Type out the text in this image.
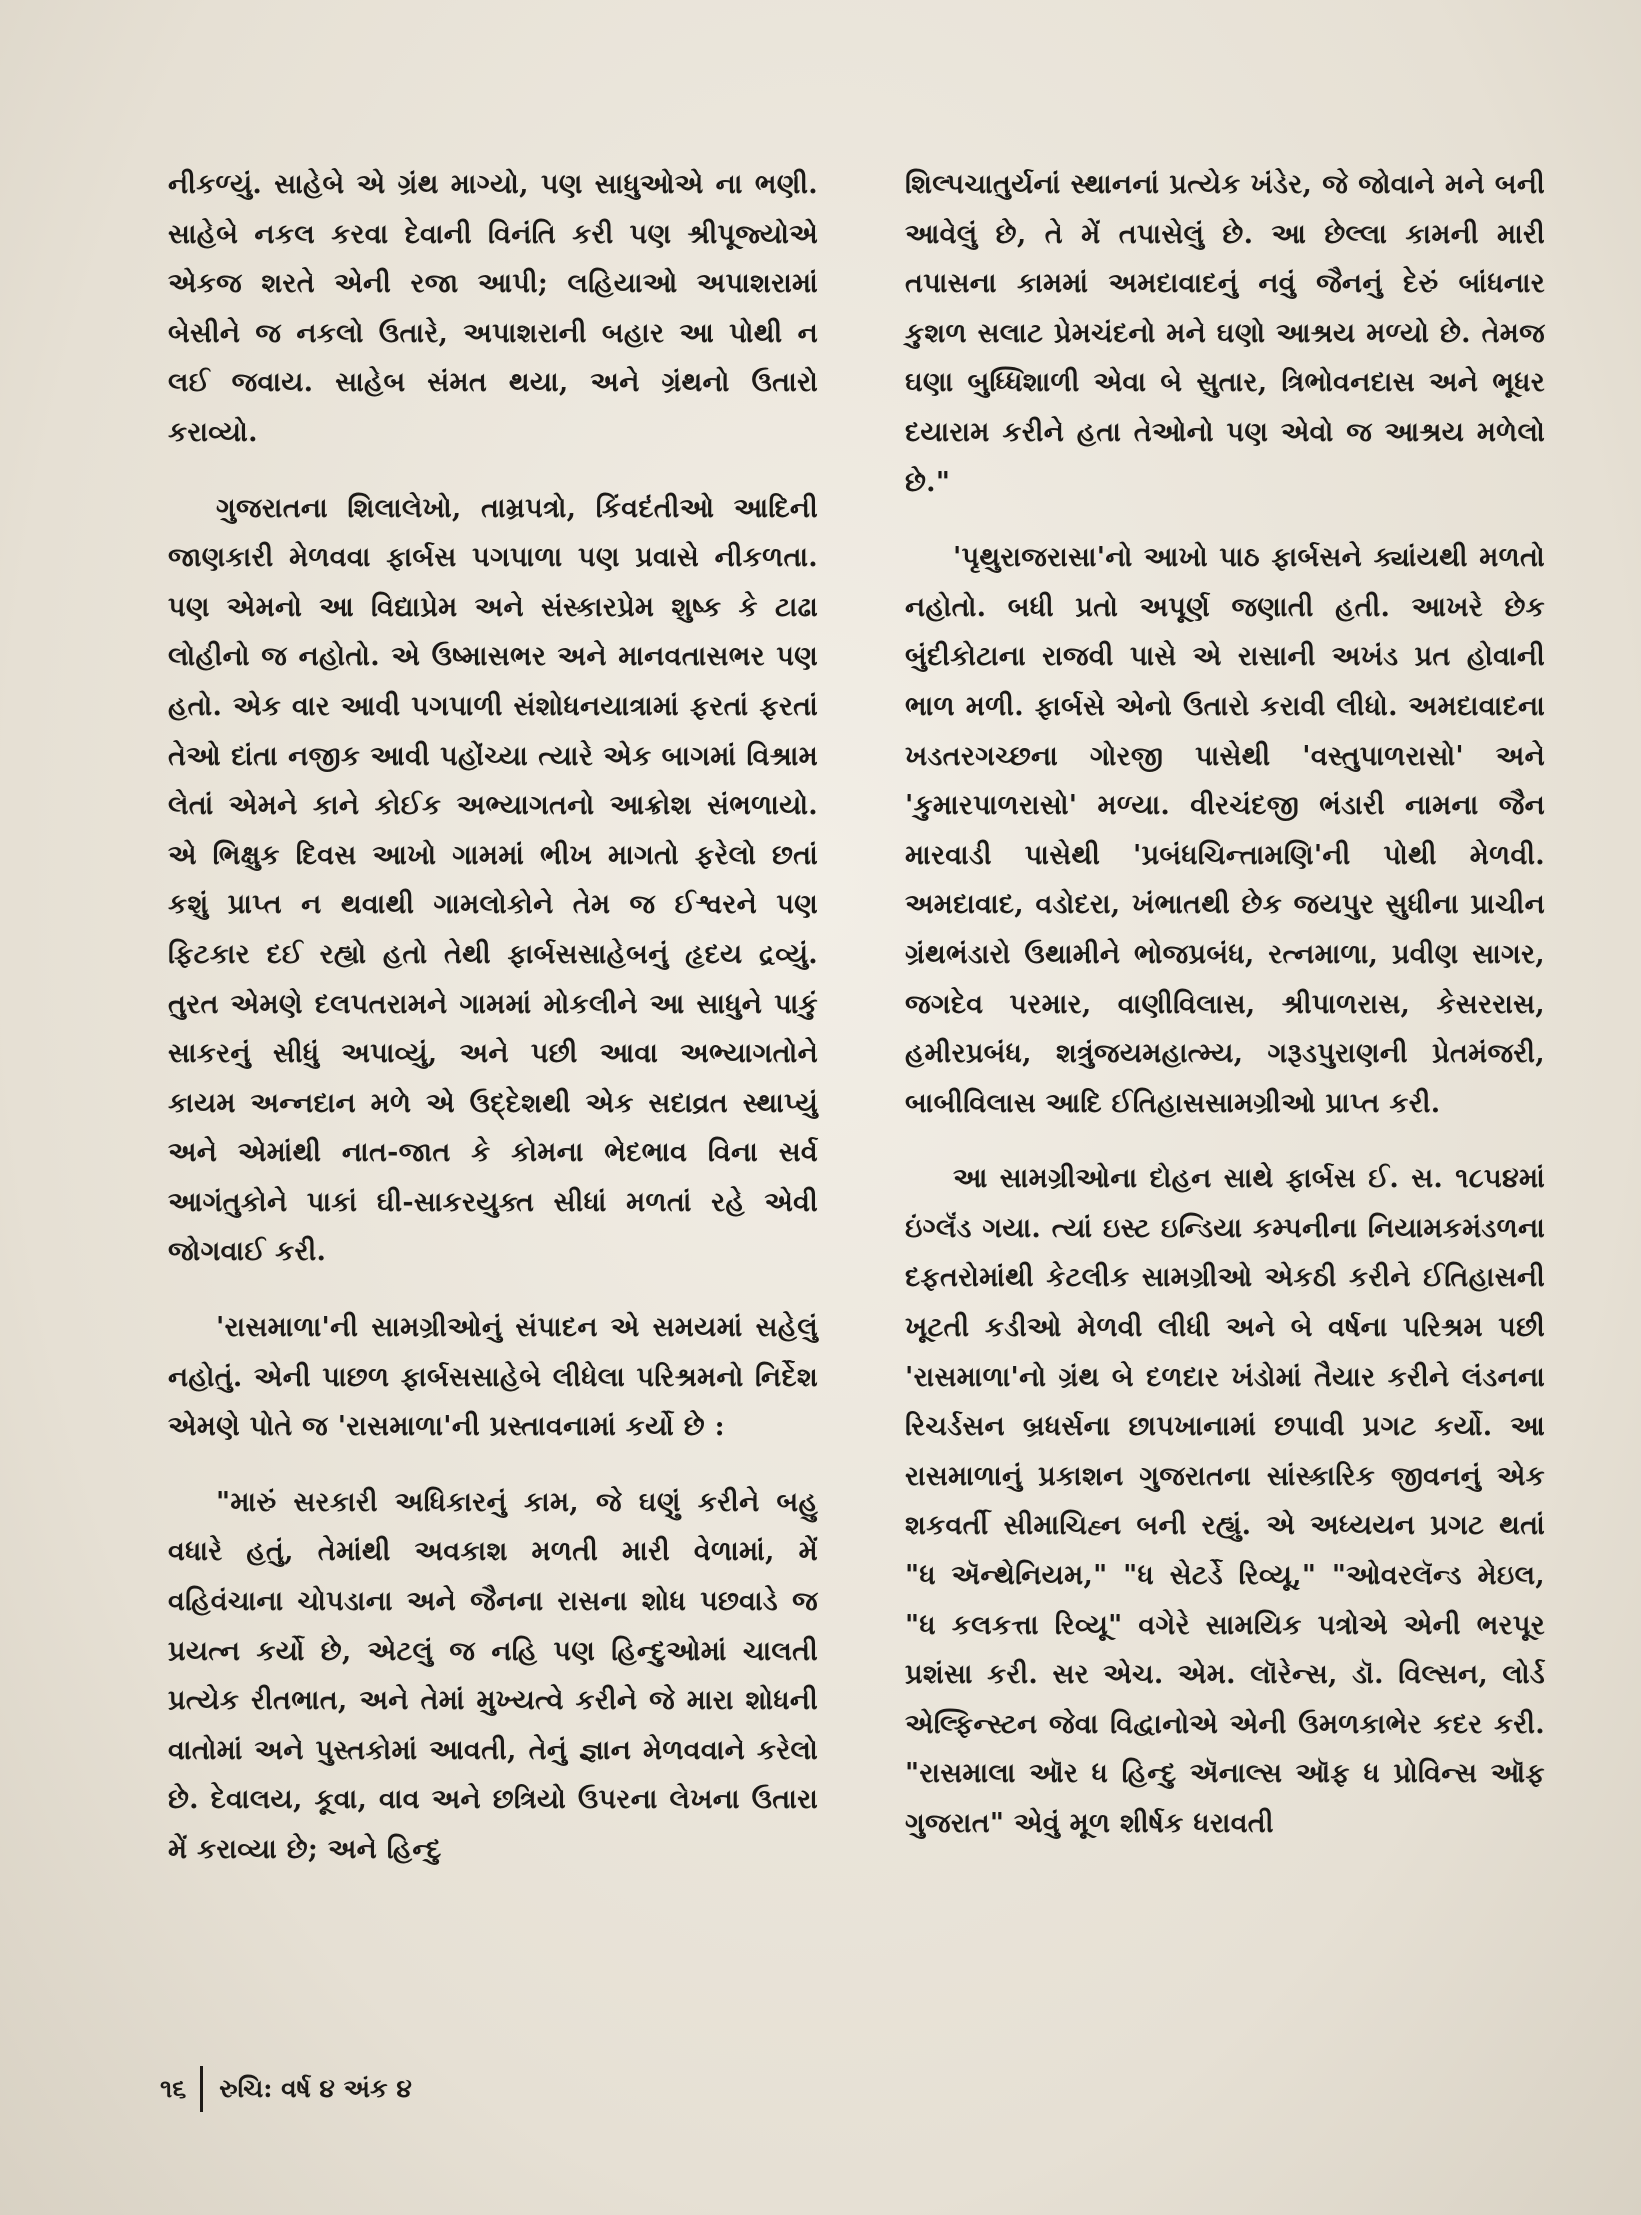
નીકળ્યું. સાહેબે એ ગ્રંથ માગ્યો, પણ સાધુઓએ ના ભણી. સાહેબે નકલ કરવા દેવાની વિનંતિ કરી પણ શ્રીપૂજ્યોએ એકજ શરતે એની રજા આપી; લહિયાઓ અપાશરામાં બેસીને જ નકલો ઉતારે, અપાશરાની બહાર આ પોથી ન લઈ જવાય. સાહેબ સંમત થયા, અને ગ્રંથનો ઉતારો કરાવ્યો.

ગુજરાતના શિલાલેખો, તામ્રપત્રો, કિંવદંતીઓ આદિની જાણકારી મેળવવા ફાર્બસ પગપાળા પણ પ્રવાસે નીકળતા. પણ એમનો આ વિદ્યાપ્રેમ અને સંસ્કારપ્રેમ શુષ્ક કે ટાઢા લોહીનો જ નહોતો. એ ઉષ્માસભર અને માનવતાસભર પણ હતો. એક વાર આવી પગપાળી સંશોધનયાત્રામાં ફરતાં ફરતાં તેઓ દાંતા નજીક આવી પહોંચ્યા ત્યારે એક બાગમાં વિશ્રામ લેતાં એમને કાને કોઈક અભ્યાગતનો આક્રોશ સંભળાયો. એ ભિક્ષુક દિવસ આખો ગામમાં ભીખ માગતો ફરેલો છતાં કશું પ્રાપ્ત ન થવાથી ગામલોકોને તેમ જ ઈશ્વરને પણ ફિટકાર દઈ રહ્યો હતો તેથી ફાર્બસસાહેબનું હૃદય દ્રવ્યું. તુરત એમણે દલપતરામને ગામમાં મોકલીને આ સાધુને પાકું સાકરનું સીધું અપાવ્યું, અને પછી આવા અભ્યાગતોને કાયમ અન્નદાન મળે એ ઉદ્દેશથી એક સદાવ્રત સ્થાપ્યું અને એમાંથી નાત-જાત કે કોમના ભેદભાવ વિના સર્વ આગંતુકોને પાકાં ઘી-સાકરયુક્ત સીધાં મળતાં રહે એવી જોગવાઈ કરી.

'રાસમાળા'ની સામગ્રીઓનું સંપાદન એ સમયમાં સહેલું નહોતું. એની પાછળ ફાર્બસસાહેબે લીધેલા પરિશ્રમનો નિર્દેશ એમણે પોતે જ 'રાસમાળા'ની પ્રસ્તાવનામાં કર્યો છે :

"મારું સરકારી અધિકારનું કામ, જે ઘણું કરીને બહુ વધારે હતું, તેમાંથી અવકાશ મળતી મારી વેળામાં, મેં વહિવંચાના ચોપડાના અને જૈનના રાસના શોધ પછવાડે જ પ્રયત્ન કર્યો છે, એટલું જ નહિ પણ હિન્દુઓમાં ચાલતી પ્રત્યેક રીતભાત, અને તેમાં મુખ્યત્વે કરીને જે મારા શોધની વાતોમાં અને પુસ્તકોમાં આવતી, તેનું જ્ઞાન મેળવવાને કરેલો છે. દેવાલય, કૂવા, વાવ અને છત્રિયો ઉપરના લેખના ઉતારા મેં કરાવ્યા છે; અને હિન્દુ

શિલ્પચાતુર્યનાં સ્થાનનાં પ્રત્યેક ખંડેર, જે જોવાને મને બની આવેલું છે, તે મેં તપાસેલું છે. આ છેલ્લા કામની મારી તપાસના કામમાં અમદાવાદનું નવું જૈનનું દેરું બાંધનાર કુશળ સલાટ પ્રેમચંદનો મને ઘણો આશ્રય મળ્યો છે. તેમજ ઘણા બુધ્ધિશાળી એવા બે સુતાર, ત્રિભોવનદાસ અને ભૂધર દયારામ કરીને હતા તેઓનો પણ એવો જ આશ્રય મળેલો છે."

'પૃથુરાજરાસા'નો આખો પાઠ ફાર્બસને ક્યાંયથી મળતો નહોતો. બધી પ્રતો અપૂર્ણ જણાતી હતી. આખરે છેક બુંદીકોટાના રાજવી પાસે એ રાસાની અખંડ પ્રત હોવાની ભાળ મળી. ફાર્બસે એનો ઉતારો કરાવી લીધો. અમદાવાદના ખડતરગચ્છના ગોરજી પાસેથી 'વસ્તુપાળરાસો' અને 'કુમારપાળરાસો' મળ્યા. વીરચંદજી ભંડારી નામના જૈન મારવાડી પાસેથી 'પ્રબંધચિન્તામણિ'ની પોથી મેળવી. અમદાવાદ, વડોદરા, ખંભાતથી છેક જયપુર સુધીના પ્રાચીન ગ્રંથભંડારો ઉથામીને ભોજપ્રબંધ, રત્નમાળા, પ્રવીણ સાગર, જગદેવ પરમાર, વાણીવિલાસ, શ્રીપાળરાસ, કેસરરાસ, હમીરપ્રબંધ, શત્રુંજયમહાત્મ્ય, ગરૂડપુરાણની પ્રેતમંજરી, બાબીવિલાસ આદિ ઈતિહાસસામગ્રીઓ પ્રાપ્ત કરી.

આ સામગ્રીઓના દોહન સાથે ફાર્બસ ઈ. સ. ૧૮૫૪માં ઇંગ્લૅંડ ગયા. ત્યાં ઇસ્ટ ઇન્ડિયા કમ્પનીના નિયામકમંડળના દફતરોમાંથી કેટલીક સામગ્રીઓ એકઠી કરીને ઈતિહાસની ખૂટતી કડીઓ મેળવી લીધી અને બે વર્ષના પરિશ્રમ પછી 'રાસમાળા'નો ગ્રંથ બે દળદાર ખંડોમાં તૈયાર કરીને લંડનના રિચર્ડસન બ્રધર્સના છાપખાનામાં છપાવી પ્રગટ કર્યો. આ રાસમાળાનું પ્રકાશન ગુજરાતના સાંસ્કારિક જીવનનું એક શકવર્તી સીમાચિહ્ન બની રહ્યું. એ અધ્યયન પ્રગટ થતાં "ધ ઍન્થેનિયમ," "ધ સેટર્ડે રિવ્યૂ," "ઓવરલૅન્ડ મેઇલ, "ધ કલકત્તા રિવ્યૂ" વગેરે સામયિક પત્રોએ એની ભરપૂર પ્રશંસા કરી. સર એચ. એમ. લૉરેન્સ, ડૉ. વિલ્સન, લોર્ડ એલ્ફિન્સ્ટન જેવા વિદ્વાનોએ એની ઉમળકાભેર કદર કરી. "રાસમાલા ઑર ધ હિન્દુ ઍનાલ્સ ઑફ ધ પ્રોવિન્સ ઑફ ગુજરાત" એવું મૂળ શીર્ષક ધરાવતી

૧૬ રુચિ: વર્ષ ૪ અંક ૪
